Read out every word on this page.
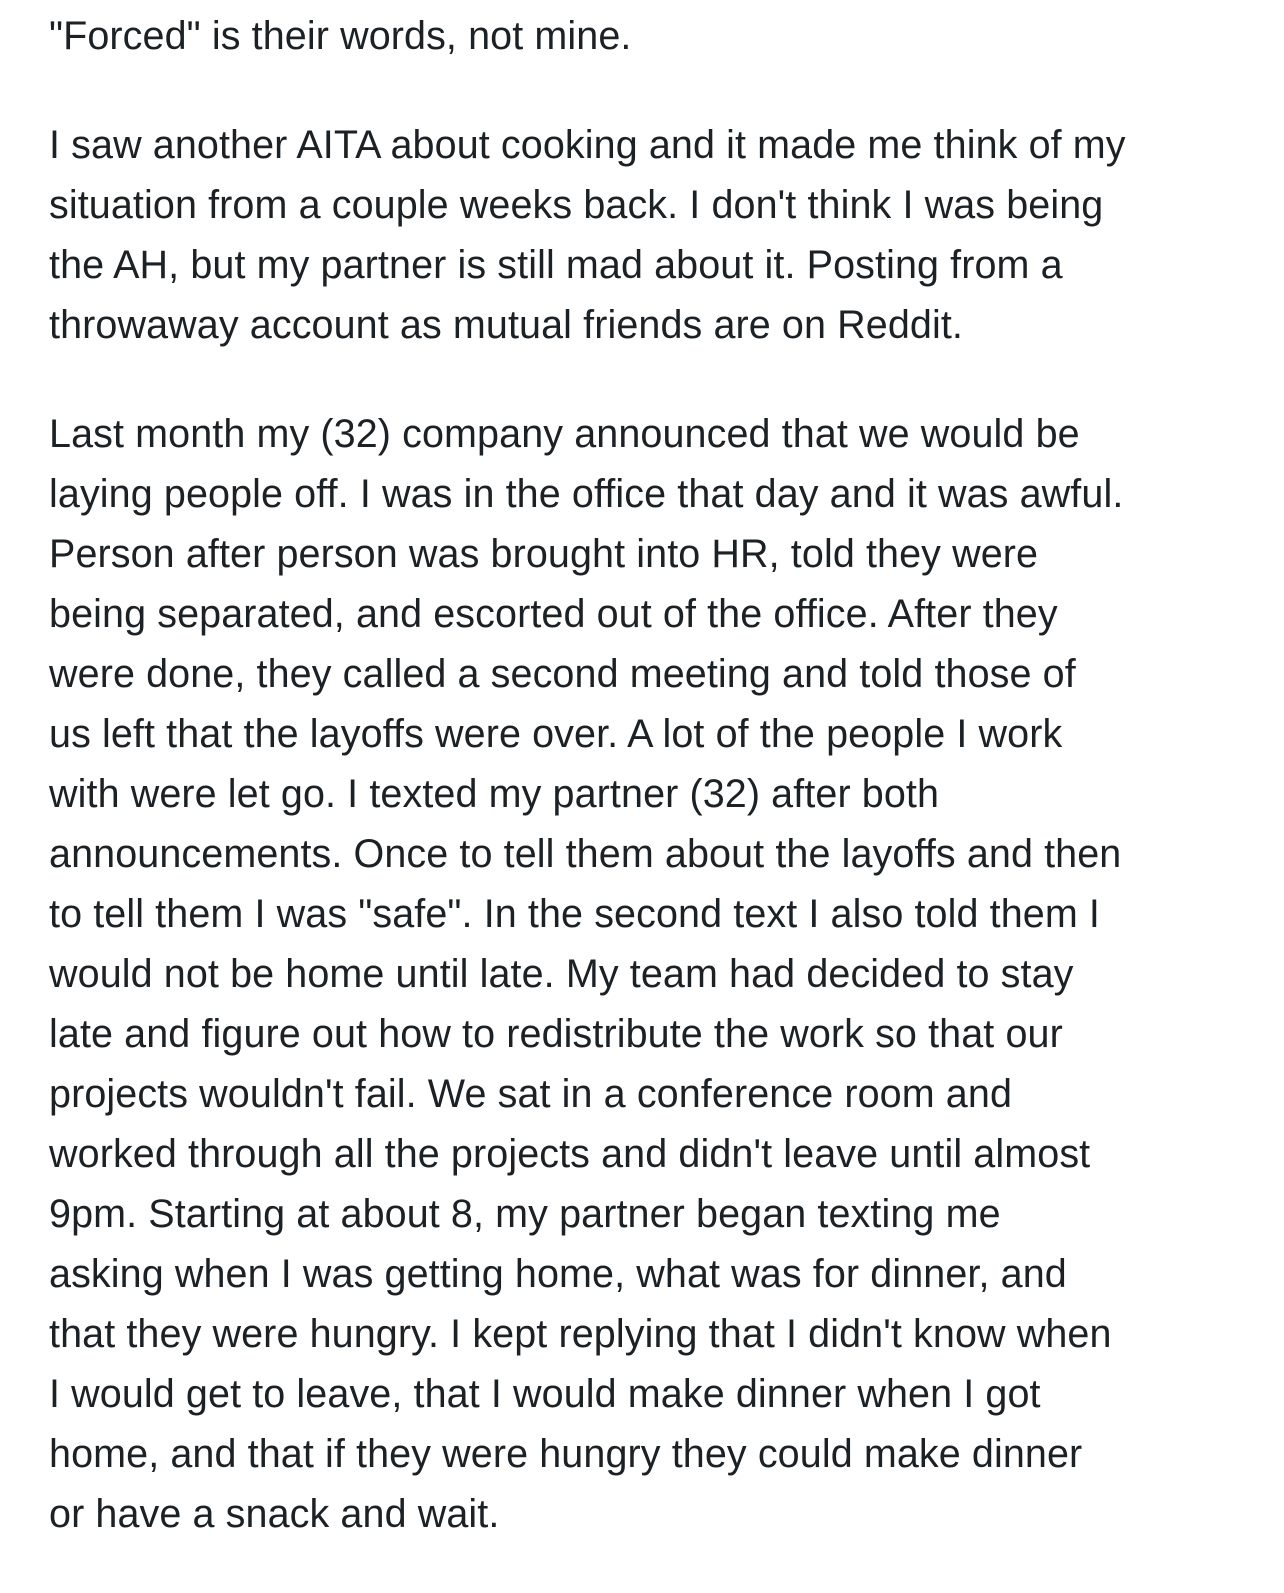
"Forced" is their words, not mine.

I saw another AITA about cooking and it made me think of my
situation from a couple weeks back. I don't think I was being
the AH, but my partner is still mad about it. Posting from a
throwaway account as mutual friends are on Reddit.

Last month my (32) company announced that we would be
laying people off. I was in the office that day and it was awful.
Person after person was brought into HR, told they were
being separated, and escorted out of the office. After they
were done, they called a second meeting and told those of
us left that the layoffs were over. A lot of the people I work
with were let go. I texted my partner (32) after both
announcements. Once to tell them about the layoffs and then
to tell them I was "safe". In the second text I also told them I
would not be home until late. My team had decided to stay
late and figure out how to redistribute the work so that our
projects wouldn't fail. We sat in a conference room and
worked through all the projects and didn't leave until almost
9pm. Starting at about 8, my partner began texting me
asking when I was getting home, what was for dinner, and
that they were hungry. I kept replying that I didn't know when
I would get to leave, that I would make dinner when I got
home, and that if they were hungry they could make dinner
or have a snack and wait.
